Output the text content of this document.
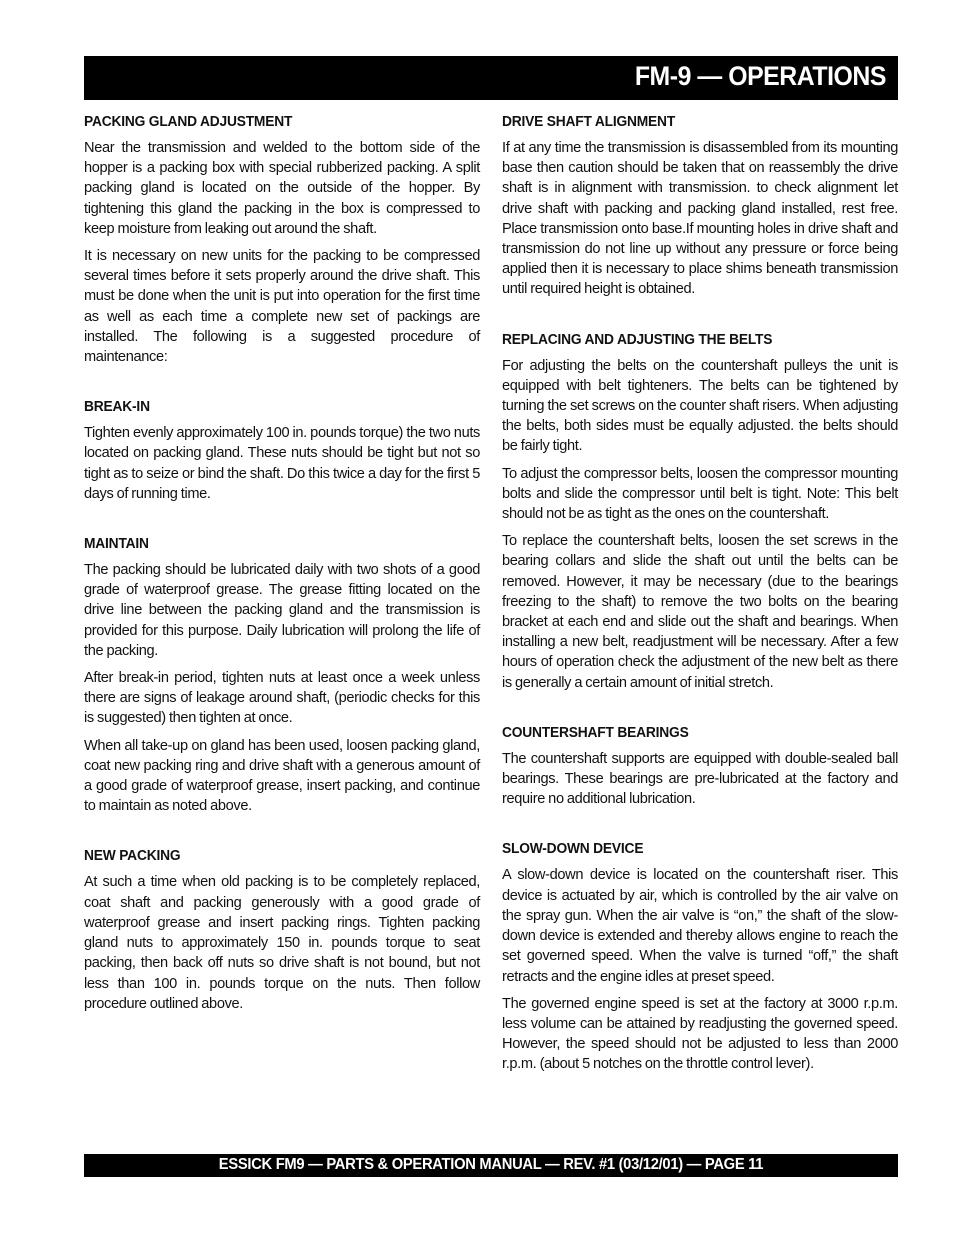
FM-9 — OPERATIONS
PACKING GLAND ADJUSTMENT

Near the transmission and welded to the bottom side of the hopper is a packing box with special rubberized packing. A split packing gland is located on the outside of the hopper. By tightening this gland the packing in the box is compressed to keep moisture from leaking out around the shaft.

It is necessary on new units for the packing to be compressed several times before it sets properly around the drive shaft. This must be done when the unit is put into operation for the first time as well as each time a complete new set of packings are installed. The following is a suggested procedure of maintenance:

BREAK-IN

Tighten evenly approximately 100 in. pounds torque) the two nuts located on packing gland. These nuts should be tight but not so tight as to seize or bind the shaft. Do this twice a day for the first 5 days of running time.

MAINTAIN

The packing should be lubricated daily with two shots of a good grade of waterproof grease. The grease fitting located on the drive line between the packing gland and the transmission is provided for this purpose. Daily lubrication will prolong the life of the packing.

After break-in period, tighten nuts at least once a week unless there are signs of leakage around shaft, (periodic checks for this is suggested) then tighten at once.

When all take-up on gland has been used, loosen packing gland, coat new packing ring and drive shaft with a generous amount of a good grade of waterproof grease, insert packing, and continue to maintain as noted above.

NEW PACKING

At such a time when old packing is to be completely replaced, coat shaft and packing generously with a good grade of waterproof grease and insert packing rings. Tighten packing gland nuts to approximately 150 in. pounds torque to seat packing, then back off nuts so drive shaft is not bound, but not less than 100 in. pounds torque on the nuts. Then follow procedure outlined above.

DRIVE SHAFT ALIGNMENT

If at any time the transmission is disassembled from its mounting base then caution should be taken that on reassembly the drive shaft is in alignment with transmission. to check alignment let drive shaft with packing and packing gland installed, rest free. Place transmission onto base.If mounting holes in drive shaft and transmission do not line up without any pressure or force being applied then it is necessary to place shims beneath transmission until required height is obtained.

REPLACING AND ADJUSTING THE BELTS

For adjusting the belts on the countershaft pulleys the unit is equipped with belt tighteners. The belts can be tightened by turning the set screws on the counter shaft risers. When adjusting the belts, both sides must be equally adjusted. the belts should be fairly tight.

To adjust the compressor belts, loosen the compressor mounting bolts and slide the compressor until belt is tight. Note: This belt should not be as tight as the ones on the countershaft.

To replace the countershaft belts, loosen the set screws in the bearing collars and slide the shaft out until the belts can be removed. However, it may be necessary (due to the bearings freezing to the shaft) to remove the two bolts on the bearing bracket at each end and slide out the shaft and bearings. When installing a new belt, readjustment will be necessary. After a few hours of operation check the adjustment of the new belt as there is generally a certain amount of initial stretch.

COUNTERSHAFT BEARINGS

The countershaft supports are equipped with double-sealed ball bearings. These bearings are pre-lubricated at the factory and require no additional lubrication.

SLOW-DOWN DEVICE

A slow-down device is located on the countershaft riser. This device is actuated by air, which is controlled by the air valve on the spray gun. When the air valve is “on,” the shaft of the slow-down device is extended and thereby allows engine to reach the set governed speed. When the valve is turned “off,” the shaft retracts and the engine idles at preset speed.

The governed engine speed is set at the factory at 3000 r.p.m. less volume can be attained by readjusting the governed speed. However, the speed should not be adjusted to less than 2000 r.p.m. (about 5 notches on the throttle control lever).

ESSICK FM9 — PARTS & OPERATION MANUAL — REV. #1 (03/12/01) — PAGE 11
